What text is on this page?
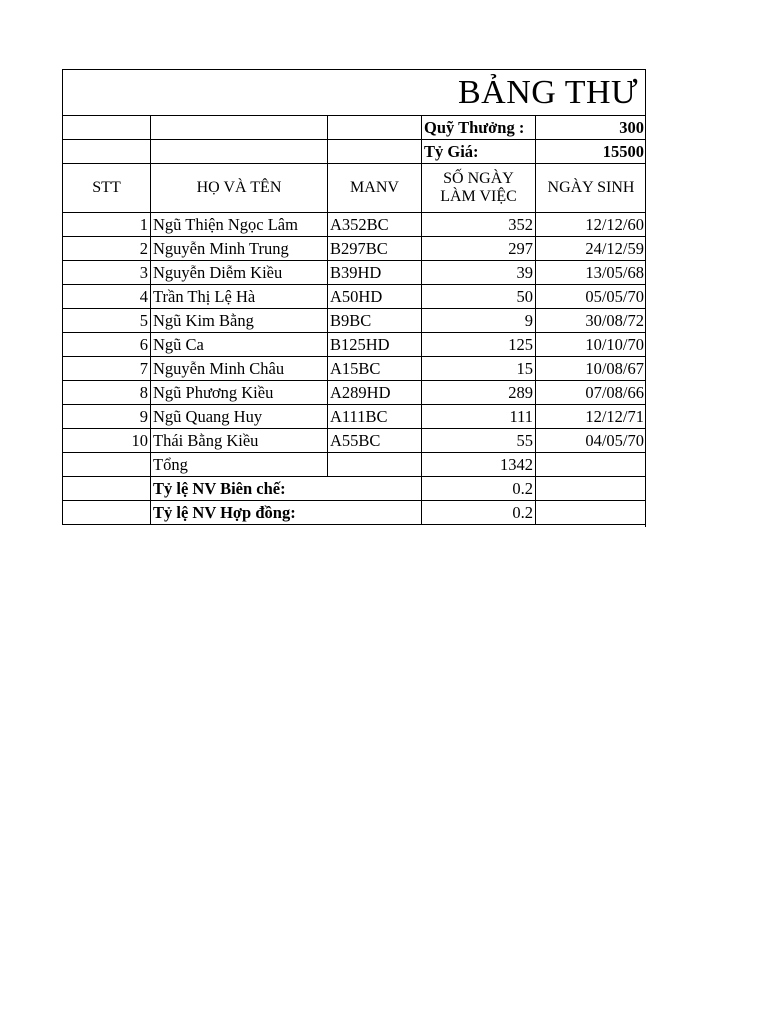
BẢNG THƯ					
			Quỹ Thưởng :	300	
			Tỷ Giá:	15500	
STT	HỌ VÀ TÊN	MANV	SỐ NGÀY LÀM VIỆC	NGÀY SINH	
1	Ngũ Thiện Ngọc Lâm	A352BC	352	12/12/60	
2	Nguyễn Minh Trung	B297BC	297	24/12/59	
3	Nguyễn Diễm Kiều	B39HD	39	13/05/68	
4	Trần Thị Lệ Hà	A50HD	50	05/05/70	
5	Ngũ Kim Bằng	B9BC	9	30/08/72	
6	Ngũ Ca	B125HD	125	10/10/70	
7	Nguyễn Minh Châu	A15BC	15	10/08/67	
8	Ngũ Phương Kiều	A289HD	289	07/08/66	
9	Ngũ Quang Huy	A111BC	111	12/12/71	
10	Thái Bằng Kiều	A55BC	55	04/05/70	
	Tổng		1342		
	Tỷ lệ NV Biên chế:		0.2		
	Tỷ lệ NV Hợp đồng:		0.2		
